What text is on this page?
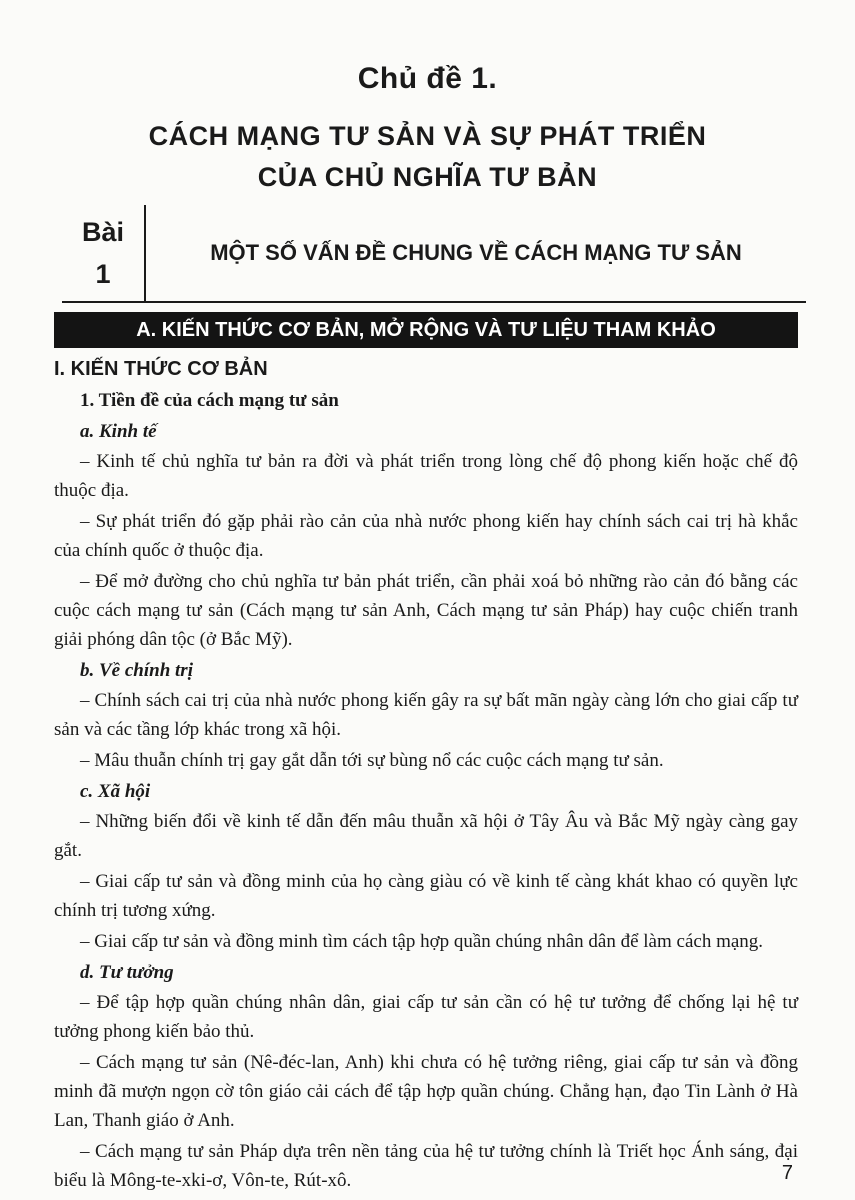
Chủ đề 1.
CÁCH MẠNG TƯ SẢN VÀ SỰ PHÁT TRIỂN
CỦA CHỦ NGHĨA TƯ BẢN
Bài
1
MỘT SỐ VẤN ĐỀ CHUNG VỀ CÁCH MẠNG TƯ SẢN
A. KIẾN THỨC CƠ BẢN, MỞ RỘNG VÀ TƯ LIỆU THAM KHẢO
I. KIẾN THỨC CƠ BẢN
1. Tiền đề của cách mạng tư sản
a. Kinh tế
– Kinh tế chủ nghĩa tư bản ra đời và phát triển trong lòng chế độ phong kiến hoặc chế độ thuộc địa.
– Sự phát triển đó gặp phải rào cản của nhà nước phong kiến hay chính sách cai trị hà khắc của chính quốc ở thuộc địa.
– Để mở đường cho chủ nghĩa tư bản phát triển, cần phải xoá bỏ những rào cản đó bằng các cuộc cách mạng tư sản (Cách mạng tư sản Anh, Cách mạng tư sản Pháp) hay cuộc chiến tranh giải phóng dân tộc (ở Bắc Mỹ).
b. Về chính trị
– Chính sách cai trị của nhà nước phong kiến gây ra sự bất mãn ngày càng lớn cho giai cấp tư sản và các tầng lớp khác trong xã hội.
– Mâu thuẫn chính trị gay gắt dẫn tới sự bùng nổ các cuộc cách mạng tư sản.
c. Xã hội
– Những biến đổi về kinh tế dẫn đến mâu thuẫn xã hội ở Tây Âu và Bắc Mỹ ngày càng gay gắt.
– Giai cấp tư sản và đồng minh của họ càng giàu có về kinh tế càng khát khao có quyền lực chính trị tương xứng.
– Giai cấp tư sản và đồng minh tìm cách tập hợp quần chúng nhân dân để làm cách mạng.
d. Tư tưởng
– Để tập hợp quần chúng nhân dân, giai cấp tư sản cần có hệ tư tưởng để chống lại hệ tư tưởng phong kiến bảo thủ.
– Cách mạng tư sản (Nê-đéc-lan, Anh) khi chưa có hệ tưởng riêng, giai cấp tư sản và đồng minh đã mượn ngọn cờ tôn giáo cải cách để tập hợp quần chúng. Chẳng hạn, đạo Tin Lành ở Hà Lan, Thanh giáo ở Anh.
– Cách mạng tư sản Pháp dựa trên nền tảng của hệ tư tưởng chính là Triết học Ánh sáng, đại biểu là Mông-te-xki-ơ, Vôn-te, Rút-xô.	7
